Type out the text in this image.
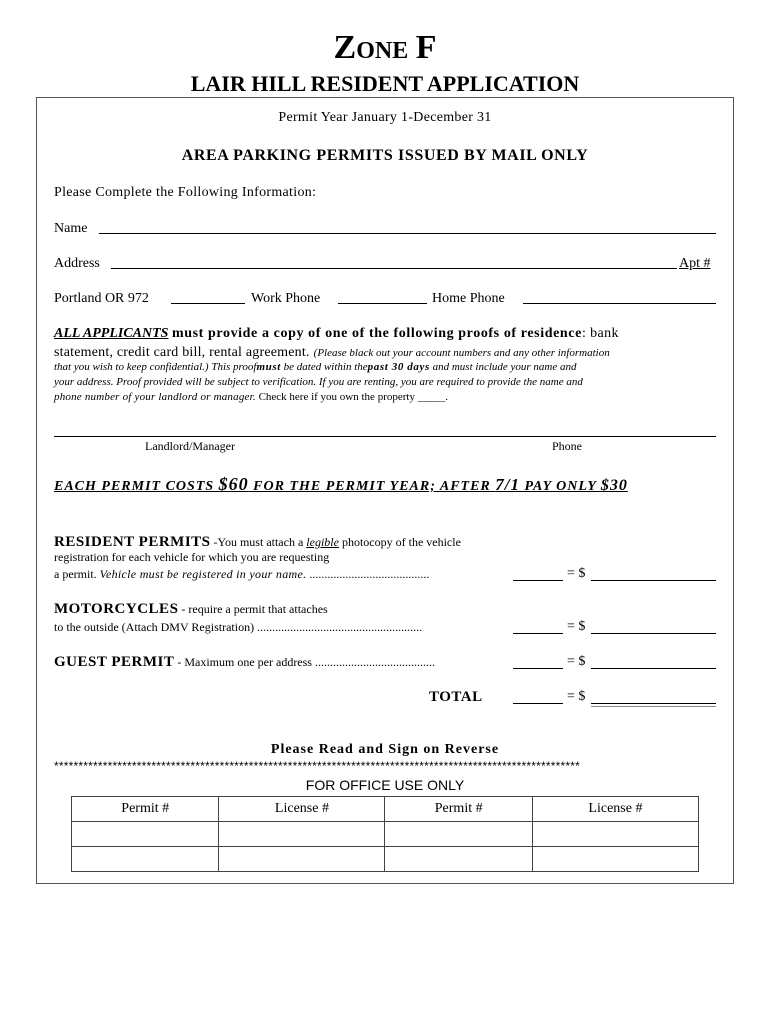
ZONE F
LAIR HILL RESIDENT APPLICATION
Permit Year January 1-December 31
AREA PARKING PERMITS ISSUED BY MAIL ONLY
Please Complete the Following Information:
Name
Address	Apt #
Portland OR 972	Work Phone	Home Phone
ALL APPLICANTS must provide a copy of one of the following proofs of residence: bank
statement, credit card bill, rental agreement. (Please black out your account numbers and any other information
that you wish to keep confidential.) This proofmust be dated within thepast 30 days and must include your name and
your address. Proof provided will be subject to verification. If you are renting, you are required to provide the name and
phone number of your landlord or manager. Check here if you own the property _____.
Landlord/Manager	Phone
EACH PERMIT COSTS $60 FOR THE PERMIT YEAR; AFTER 7/1 PAY ONLY $30
RESIDENT PERMITS -You must attach a legible photocopy of the vehicle
registration for each vehicle for which you are requesting
a permit. Vehicle must be registered in your name. ........................................	= $
MOTORCYCLES - require a permit that attaches
to the outside (Attach DMV Registration) .......................................................	= $
GUEST PERMIT - Maximum one per address ........................................	= $
TOTAL	= $
Please Read and Sign on Reverse
************************************************************************************************************
FOR OFFICE USE ONLY
Permit #	License #	Permit #	License #
